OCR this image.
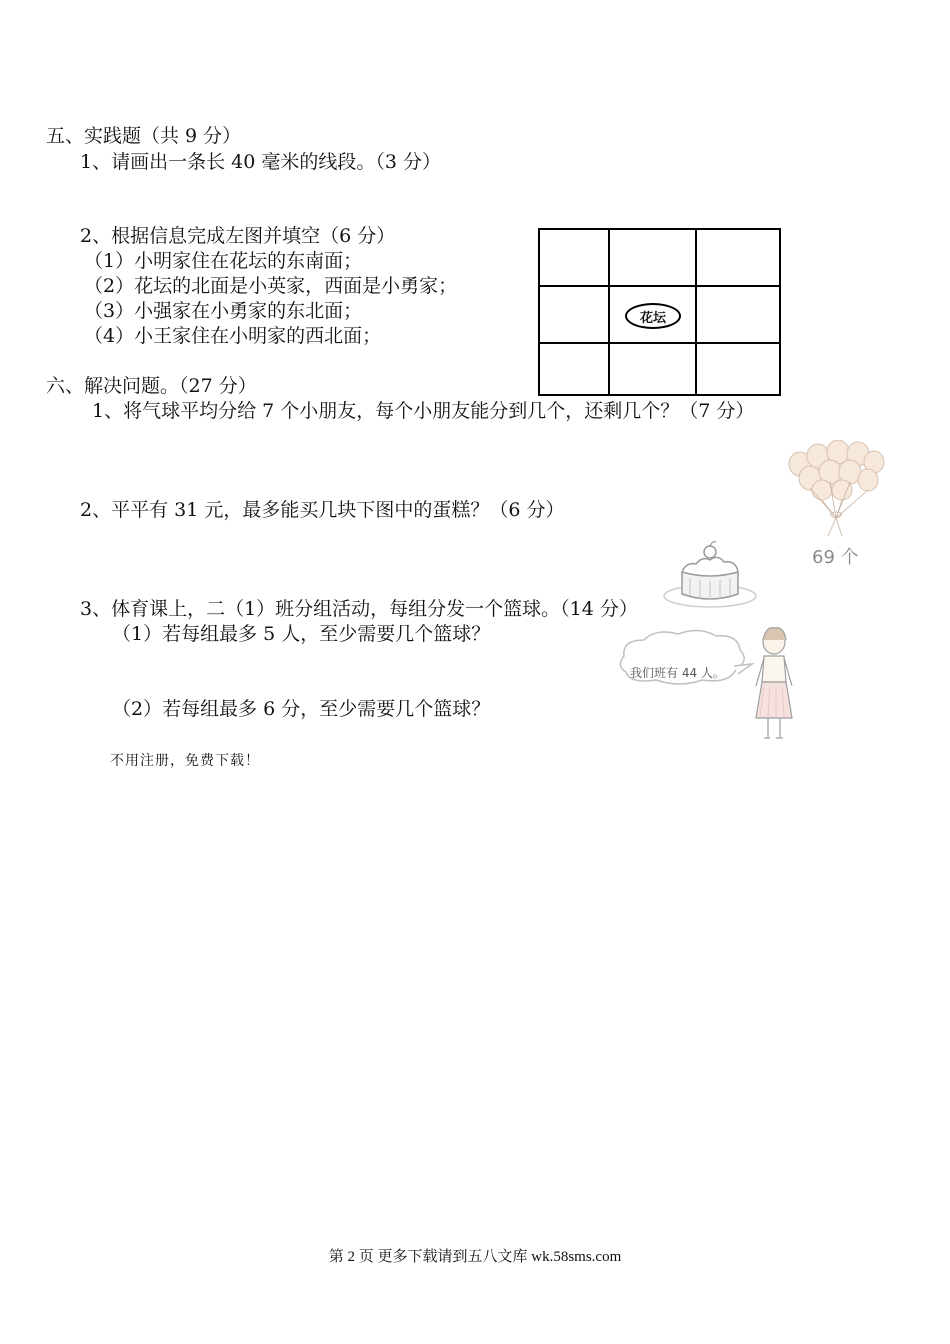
五、实践题（共 9 分）
1、请画出一条长 40 毫米的线段。（3 分）
2、根据信息完成左图并填空（6 分）
（1）小明家住在花坛的东南面；
（2）花坛的北面是小英家，西面是小勇家；
（3）小强家在小勇家的东北面；
（4）小王家住在小明家的西北面；
花坛
六、解决问题。（27 分）
1、将气球平均分给 7 个小朋友，每个小朋友能分到几个，还剩几个？（7 分）
69 个
2、平平有 31 元，最多能买几块下图中的蛋糕？（6 分）
3、体育课上，二（1）班分组活动，每组分发一个篮球。（14 分）
（1）若每组最多 5 人，至少需要几个篮球？
（2）若每组最多 6 分，至少需要几个篮球？
我们班有 44 人。
不用注册，免费下载！
第 2 页 更多下载请到五八文库 wk.58sms.com
